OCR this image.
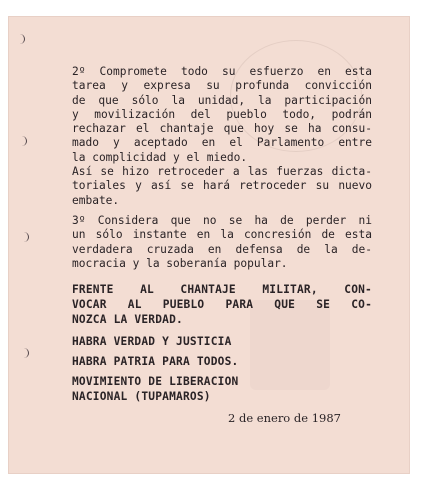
2º Compromete todo su esfuerzo en esta
tarea y expresa su profunda convicción
de que sólo la unidad, la participación
y movilización del pueblo todo, podrán
rechazar el chantaje que hoy se ha consu-
mado y aceptado en el Parlamento entre
la complicidad y el miedo.
Así se hizo retroceder a las fuerzas dicta-
toriales y así se hará retroceder su nuevo
embate.
3º Considera que no se ha de perder ni
un sólo instante en la concresión de esta
verdadera cruzada en defensa de la de-
mocracia y la soberanía popular.
FRENTE AL CHANTAJE MILITAR, CON-
VOCAR AL PUEBLO PARA QUE SE CO-
NOZCA LA VERDAD.
HABRA VERDAD Y JUSTICIA
HABRA PATRIA PARA TODOS.
MOVIMIENTO DE LIBERACION
NACIONAL (TUPAMAROS)
2 de enero de 1987
